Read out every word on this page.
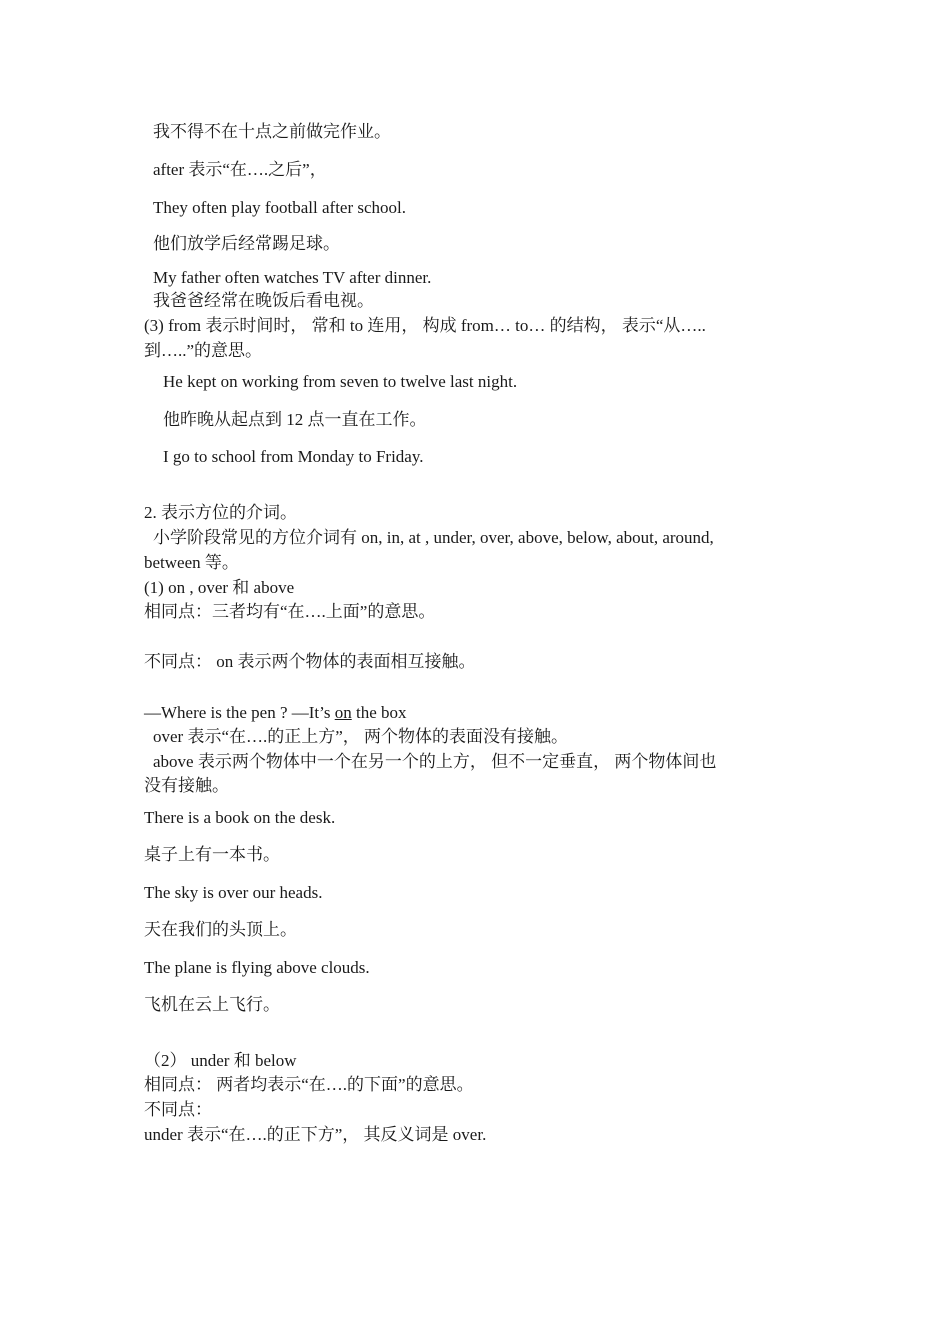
我不得不在十点之前做完作业。
after 表示“在….之后”，
They often play football after school.
他们放学后经常踢足球。
My father often watches TV after dinner.
我爸爸经常在晚饭后看电视。
(3) from 表示时间时， 常和 to 连用， 构成 from… to… 的结构， 表示“从…..
到…..”的意思。
He kept on working from seven to twelve last night.
他昨晚从起点到 12 点一直在工作。
I go to school from Monday to Friday.
2. 表示方位的介词。
小学阶段常见的方位介词有 on, in, at , under, over, above, below, about, around,
between 等。
(1) on , over 和 above
相同点：三者均有“在….上面”的意思。
不同点： on 表示两个物体的表面相互接触。
—Where is the pen ? —It’s on the box
over 表示“在….的正上方”， 两个物体的表面没有接触。
above 表示两个物体中一个在另一个的上方， 但不一定垂直， 两个物体间也
没有接触。
There is a book on the desk.
桌子上有一本书。
The sky is over our heads.
天在我们的头顶上。
The plane is flying above clouds.
飞机在云上飞行。
（2） under 和 below
相同点： 两者均表示“在….的下面”的意思。
不同点：
under 表示“在….的正下方”， 其反义词是 over.
